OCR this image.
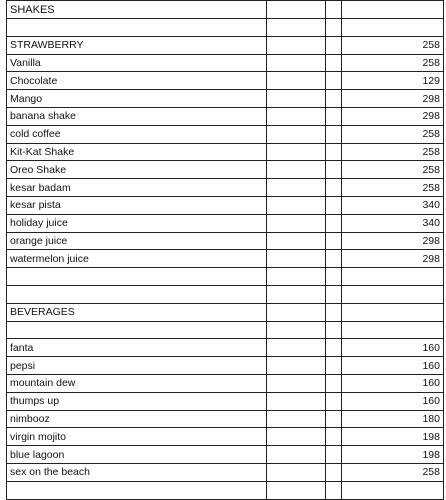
SHAKES			

STRAWBERRY			258
Vanilla			258
Chocolate			129
Mango			298
banana shake			298
cold coffee			258
Kit-Kat Shake			258
Oreo Shake			258
kesar badam			258
kesar pista			340
holiday juice			340
orange juice			298
watermelon juice			298

BEVERAGES			

fanta			160
pepsi			160
mountain dew			160
thumps up			160
nimbooz			180
virgin mojito			198
blue lagoon			198
sex on the beach			258
